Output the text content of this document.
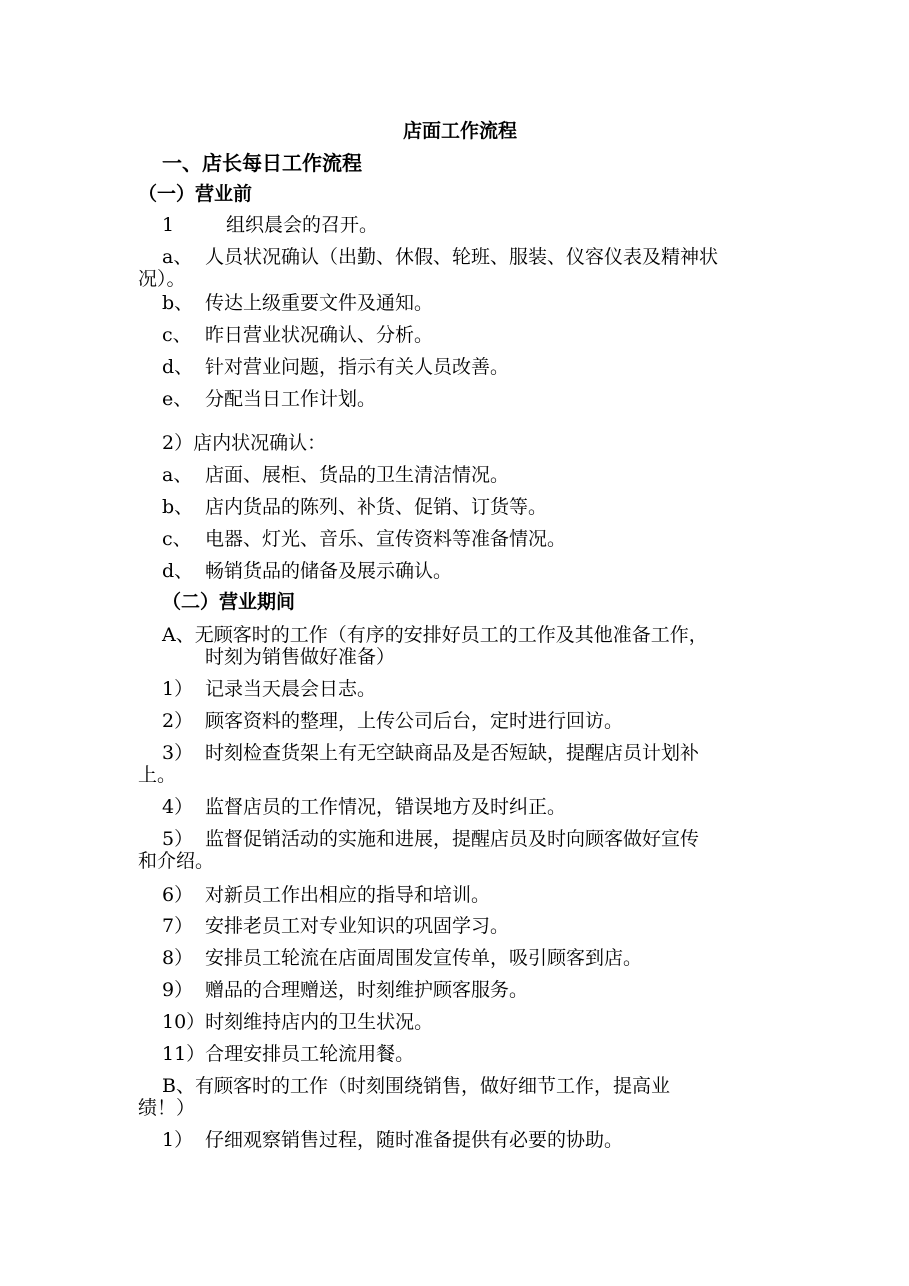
店面工作流程
一、店长每日工作流程
（一）营业前
1	组织晨会的召开。
a、 人员状况确认（出勤、休假、轮班、服装、仪容仪表及精神状
况）。
b、 传达上级重要文件及通知。
c、 昨日营业状况确认、分析。
d、 针对营业问题，指示有关人员改善。
e、 分配当日工作计划。
2）店内状况确认：
a、 店面、展柜、货品的卫生清洁情况。
b、 店内货品的陈列、补货、促销、订货等。
c、 电器、灯光、音乐、宣传资料等准备情况。
d、 畅销货品的储备及展示确认。
（二）营业期间
A、无顾客时的工作（有序的安排好员工的工作及其他准备工作，
时刻为销售做好准备）
1） 记录当天晨会日志。
2） 顾客资料的整理，上传公司后台，定时进行回访。
3） 时刻检查货架上有无空缺商品及是否短缺，提醒店员计划补
上。
4） 监督店员的工作情况，错误地方及时纠正。
5） 监督促销活动的实施和进展，提醒店员及时向顾客做好宣传
和介绍。
6） 对新员工作出相应的指导和培训。
7） 安排老员工对专业知识的巩固学习。
8） 安排员工轮流在店面周围发宣传单，吸引顾客到店。
9） 赠品的合理赠送，时刻维护顾客服务。
10）时刻维持店内的卫生状况。
11）合理安排员工轮流用餐。
B、有顾客时的工作（时刻围绕销售，做好细节工作，提高业
绩！）
1） 仔细观察销售过程，随时准备提供有必要的协助。
